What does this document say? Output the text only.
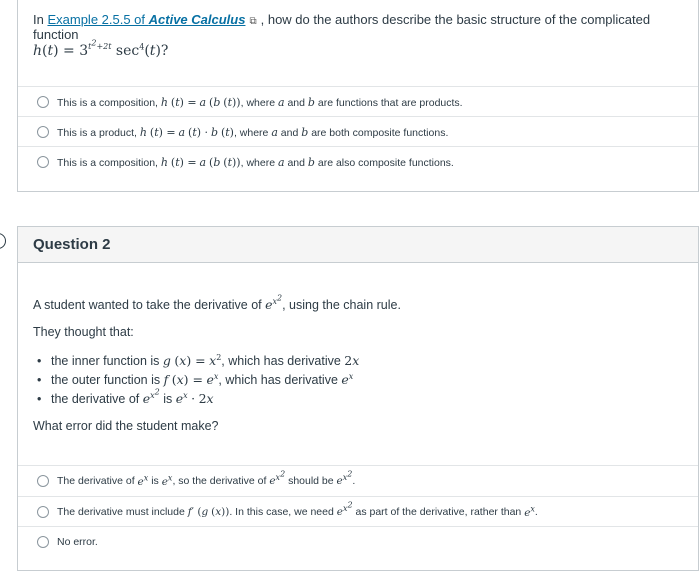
In Example 2.5.5 of Active Calculus ⧉ , how do the authors describe the basic structure of the complicated function
$h(t) = 3^{t^2+2t}$ $\sec^4(t)$?
This is a composition, h (t) = a (b (t)), where a and b are functions that are products.
This is a product, h (t) = a (t) · b (t), where a and b are both composite functions.
This is a composition, h (t) = a (b (t)), where a and b are also composite functions.
Question 2
A student wanted to take the derivative of $e^{x^2}$, using the chain rule.
They thought that:
• the inner function is g $(x) = x^2$, which has derivative 2x
• the outer function is f $(x) = e^x$, which has derivative $e^x$
• the derivative of $e^{x^2}$ is $e^x \cdot 2x$
What error did the student make?
The derivative of $e^x$ is $e^x$, so the derivative of $e^{x^2}$ should be $e^{x^2}$.
The derivative must include f′ (g (x)). In this case, we need $e^{x^2}$ as part of the derivative, rather than $e^x$.
No error.
